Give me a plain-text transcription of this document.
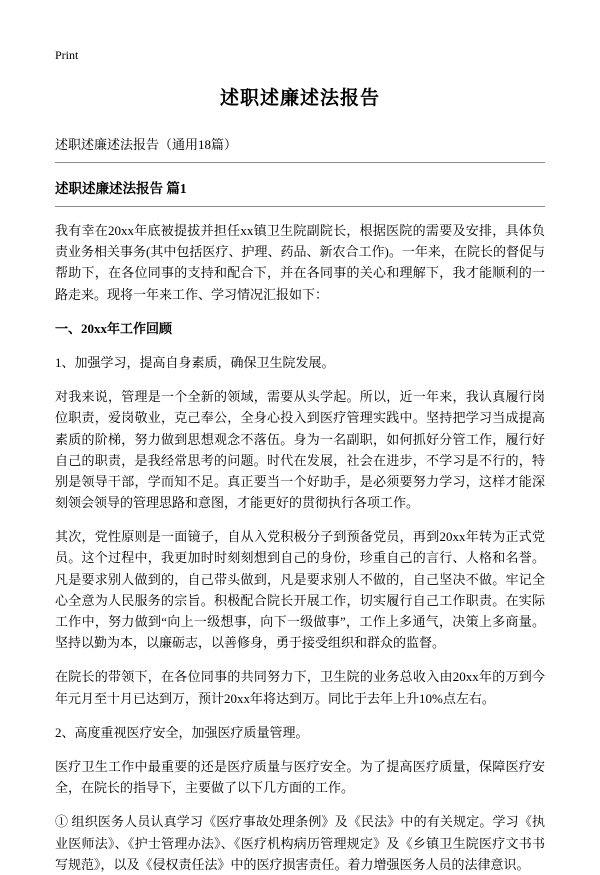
Print
述职述廉述法报告
述职述廉述法报告（通用18篇）
述职述廉述法报告 篇1

我有幸在20xx年底被提拔并担任xx镇卫生院副院长，根据医院的需要及安排，具体负责业务相关事务(其中包括医疗、护理、药品、新农合工作)。一年来，在院长的督促与帮助下，在各位同事的支持和配合下，并在各同事的关心和理解下，我才能顺利的一路走来。现将一年来工作、学习情况汇报如下：

一、20xx年工作回顾

1、加强学习，提高自身素质，确保卫生院发展。

对我来说，管理是一个全新的领域，需要从头学起。所以，近一年来，我认真履行岗位职责，爱岗敬业，克己奉公，全身心投入到医疗管理实践中。坚持把学习当成提高素质的阶梯，努力做到思想观念不落伍。身为一名副职，如何抓好分管工作，履行好自己的职责，是我经常思考的问题。时代在发展，社会在进步，不学习是不行的，特别是领导干部，学而知不足。真正要当一个好助手，是必须要努力学习，这样才能深刻领会领导的管理思路和意图，才能更好的贯彻执行各项工作。

其次，党性原则是一面镜子，自从入党积极分子到预备党员，再到20xx年转为正式党员。这个过程中，我更加时时刻刻想到自己的身份，珍重自己的言行、人格和名誉。凡是要求别人做到的，自己带头做到，凡是要求别人不做的，自己坚决不做。牢记全心全意为人民服务的宗旨。积极配合院长开展工作，切实履行自己工作职责。在实际工作中，努力做到“向上一级想事，向下一级做事”，工作上多通气，决策上多商量。坚持以勤为本，以廉砺志，以善修身，勇于接受组织和群众的监督。

在院长的带领下，在各位同事的共同努力下，卫生院的业务总收入由20xx年的万到今年元月至十月已达到万，预计20xx年将达到万。同比于去年上升10%点左右。

2、高度重视医疗安全，加强医疗质量管理。

医疗卫生工作中最重要的还是医疗质量与医疗安全。为了提高医疗质量，保障医疗安全，在院长的指导下，主要做了以下几方面的工作。

① 组织医务人员认真学习《医疗事故处理条例》及《民法》中的有关规定。学习《执业医师法》、《护士管理办法》、《医疗机构病历管理规定》及《乡镇卫生院医疗文书书写规范》，以及《侵权责任法》中的医疗损害责任。着力增强医务人员的法律意识。
